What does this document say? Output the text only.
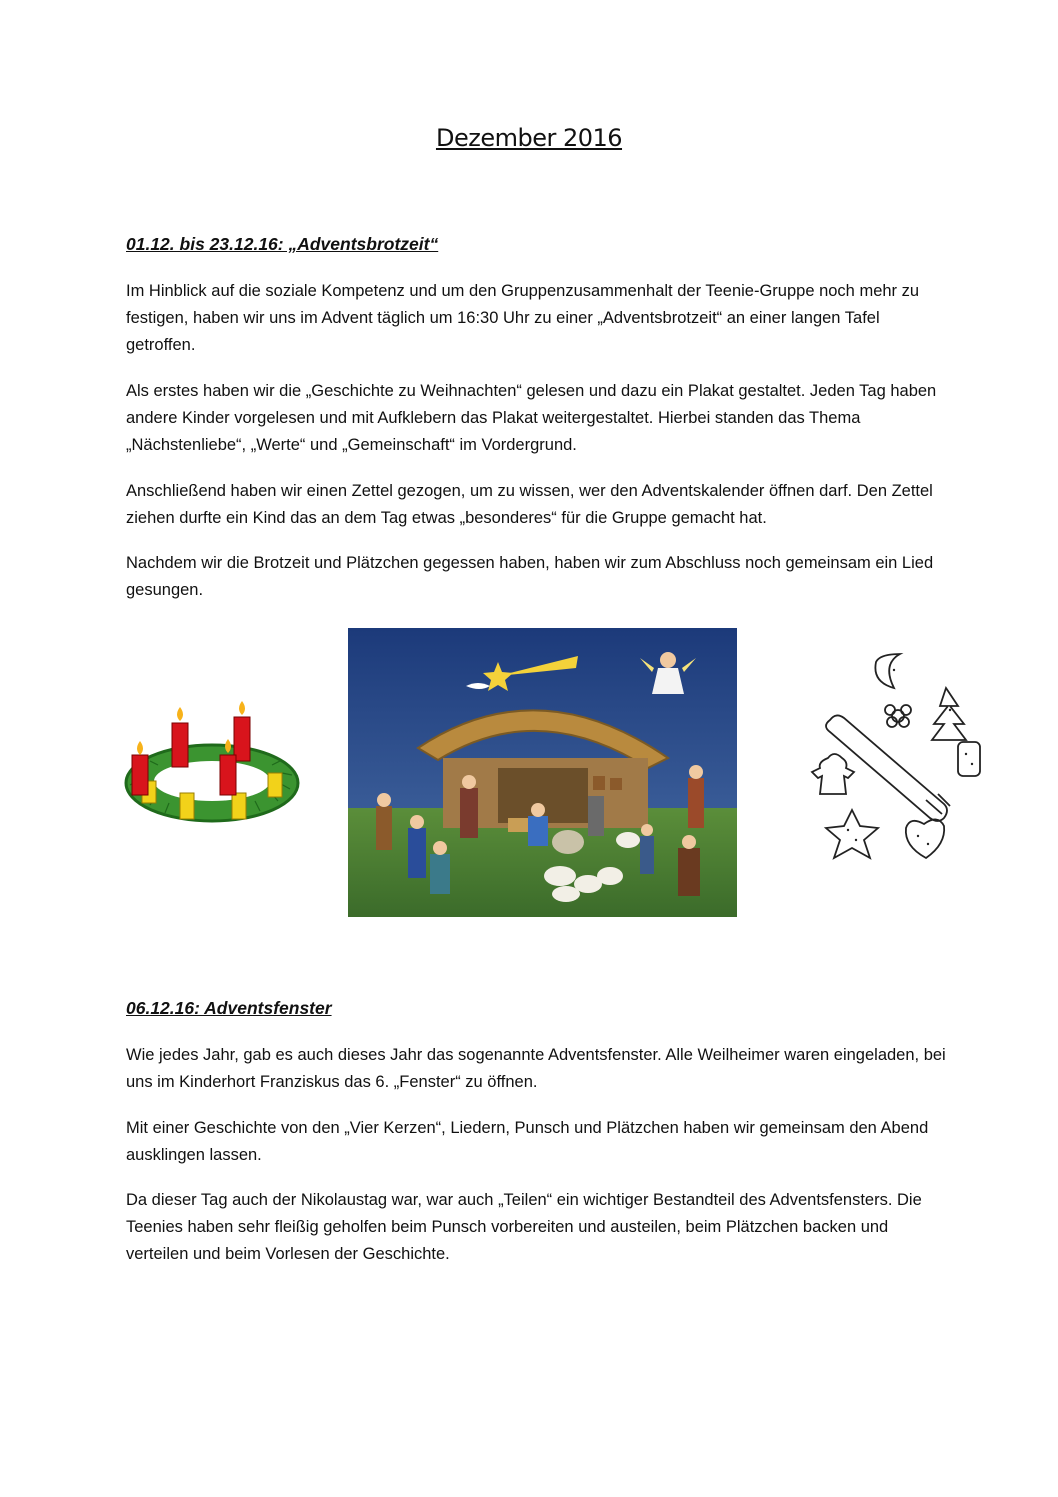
Dezember 2016
01.12. bis 23.12.16: „Adventsbrotzeit“

Im Hinblick auf die soziale Kompetenz und um den Gruppenzusammenhalt der Teenie-Gruppe noch mehr zu festigen, haben wir uns im Advent täglich um 16:30 Uhr zu einer „Adventsbrotzeit“ an einer langen Tafel getroffen.

Als erstes haben wir die „Geschichte zu Weihnachten“ gelesen und dazu ein Plakat gestaltet. Jeden Tag haben andere Kinder vorgelesen und mit Aufklebern das Plakat weitergestaltet. Hierbei standen das Thema „Nächstenliebe“, „Werte“ und „Gemeinschaft“ im Vordergrund.

Anschließend haben wir einen Zettel gezogen, um zu wissen, wer den Adventskalender öffnen darf. Den Zettel ziehen durfte ein Kind das an dem Tag etwas „besonderes“ für die Gruppe gemacht hat.

Nachdem wir die Brotzeit und Plätzchen gegessen haben, haben wir zum Abschluss noch gemeinsam ein Lied gesungen.

06.12.16: Adventsfenster

Wie jedes Jahr, gab es auch dieses Jahr das sogenannte Adventsfenster. Alle Weilheimer waren eingeladen, bei uns im Kinderhort Franziskus das 6. „Fenster“ zu öffnen.

Mit einer Geschichte von den „Vier Kerzen“, Liedern, Punsch und Plätzchen haben wir gemeinsam den Abend ausklingen lassen.

Da dieser Tag auch der Nikolaustag war, war auch „Teilen“ ein wichtiger Bestandteil des Adventsfensters. Die Teenies haben sehr fleißig geholfen beim Punsch vorbereiten und austeilen, beim Plätzchen backen und verteilen und beim Vorlesen der Geschichte.
